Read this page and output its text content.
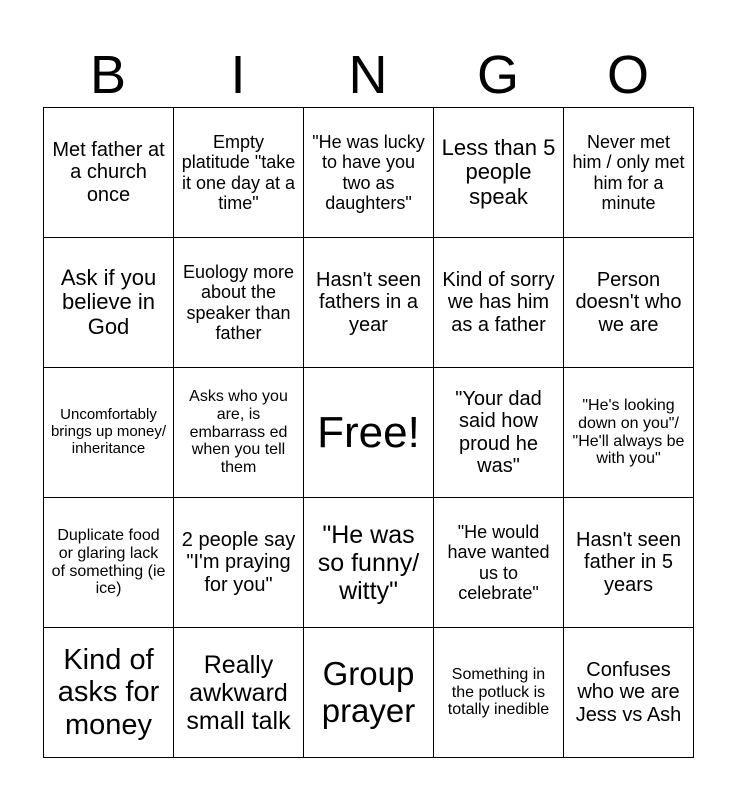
B	I	N	G	O
Met father at a church once	Empty platitude "take it one day at a time"	"He was lucky to have you two as daughters"	Less than 5 people speak	Never met him / only met him for a minute
Ask if you believe in God	Euology more about the speaker than father	Hasn't seen fathers in a year	Kind of sorry we has him as a father	Person doesn't who we are
Uncomfortably brings up money/ inheritance	Asks who you are, is embarrass ed when you tell them	Free!	"Your dad said how proud he was"	"He's looking down on you"/ "He'll always be with you"
Duplicate food or glaring lack of something (ie ice)	2 people say "I'm praying for you"	"He was so funny/ witty"	"He would have wanted us to celebrate"	Hasn't seen father in 5 years
Kind of asks for money	Really awkward small talk	Group prayer	Something in the potluck is totally inedible	Confuses who we are Jess vs Ash
